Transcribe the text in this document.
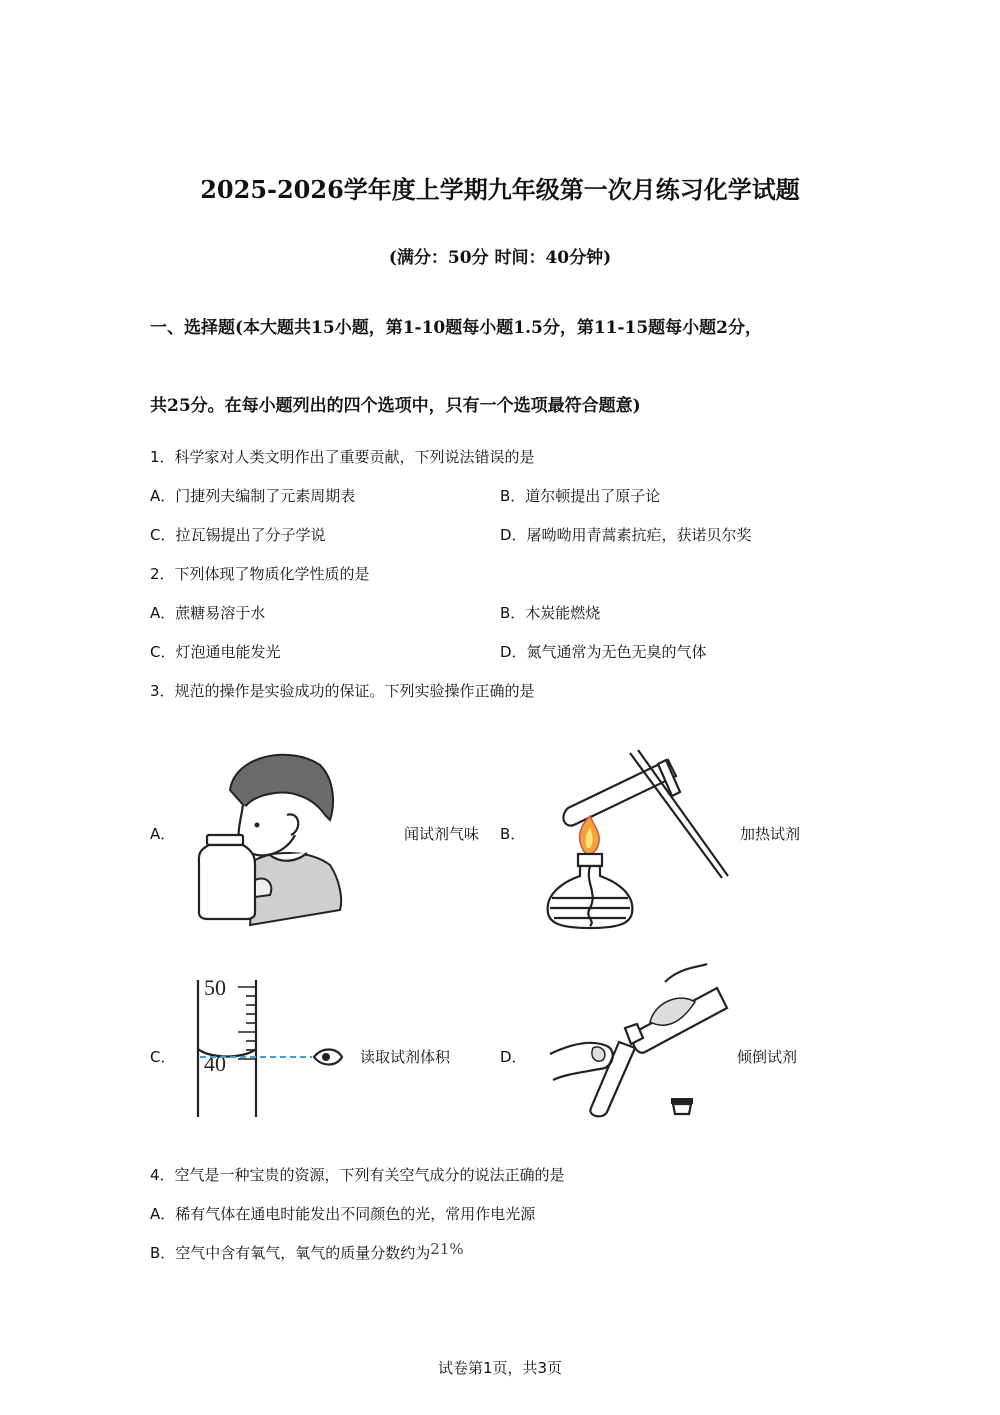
2025-2026学年度上学期九年级第一次月练习化学试题
(满分：50分 时间：40分钟)
一、选择题(本大题共15小题，第1-10题每小题1.5分，第11-15题每小题2分，
共25分。在每小题列出的四个选项中，只有一个选项最符合题意)
1．科学家对人类文明作出了重要贡献，下列说法错误的是
A．门捷列夫编制了元素周期表	B．道尔顿提出了原子论
C．拉瓦锡提出了分子学说	D．屠呦呦用青蒿素抗疟，获诺贝尔奖
2．下列体现了物质化学性质的是
A．蔗糖易溶于水	B．木炭能燃烧
C．灯泡通电能发光	D．氮气通常为无色无臭的气体
3．规范的操作是实验成功的保证。下列实验操作正确的是
A．	闻试剂气味 B．	加热试剂
C．
50
40	读取试剂体积	D．	倾倒试剂
4．空气是一种宝贵的资源，下列有关空气成分的说法正确的是
A．稀有气体在通电时能发出不同颜色的光，常用作电光源
B．空气中含有氧气，氧气的质量分数约为21%
试卷第1页，共3页
